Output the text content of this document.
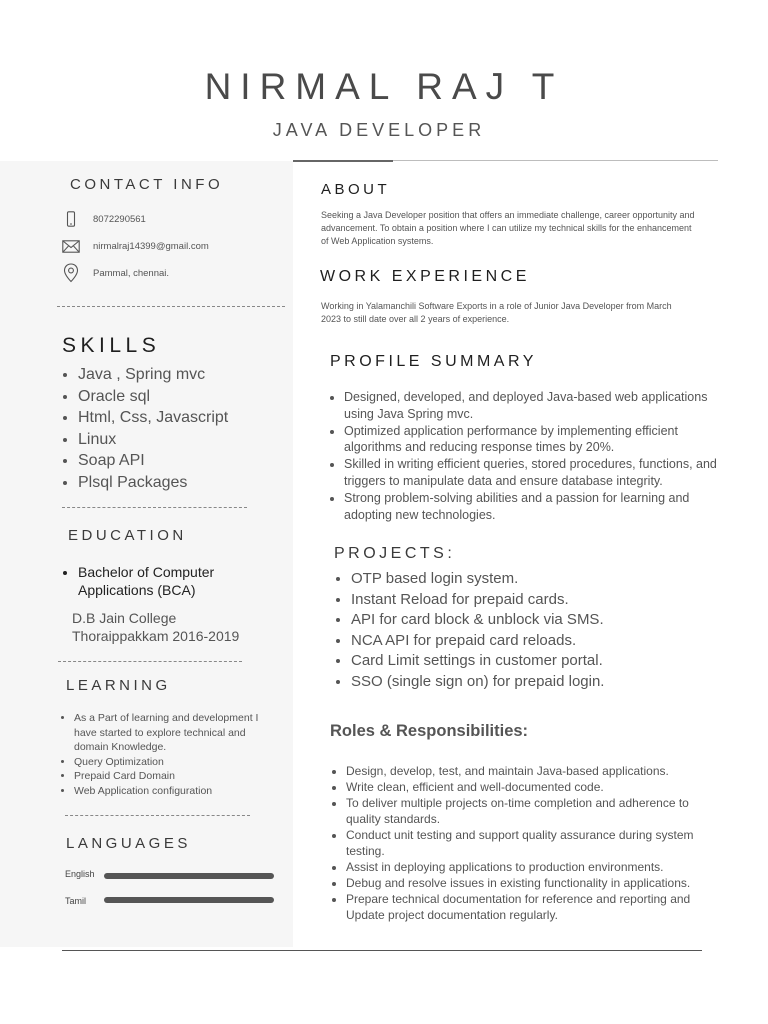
NIRMAL RAJ T
JAVA DEVELOPER
CONTACT INFO
8072290561
nirmalraj14399@gmail.com
Pammal, chennai.
SKILLS
• Java , Spring mvc
• Oracle sql
• Html, Css, Javascript
• Linux
• Soap API
• Plsql Packages
EDUCATION
• Bachelor of Computer
Applications (BCA)
D.B Jain College
Thoraippakkam 2016-2019
LEARNING
• As a Part of learning and development I have started to explore technical and domain Knowledge.
• Query Optimization
• Prepaid Card Domain
• Web Application configuration
LANGUAGES
English
Tamil
ABOUT
Seeking a Java Developer position that offers an immediate challenge, career opportunity and advancement. To obtain a position where I can utilize my technical skills for the enhancement of Web Application systems.
WORK EXPERIENCE
Working in Yalamanchili Software Exports in a role of Junior Java Developer from March 2023 to still date over all 2 years of experience.
PROFILE SUMMARY
• Designed, developed, and deployed Java-based web applications using Java Spring mvc.
• Optimized application performance by implementing efficient algorithms and reducing response times by 20%.
• Skilled in writing efficient queries, stored procedures, functions, and triggers to manipulate data and ensure database integrity.
• Strong problem-solving abilities and a passion for learning and adopting new technologies.
PROJECTS:
• OTP based login system.
• Instant Reload for prepaid cards.
• API for card block & unblock via SMS.
• NCA API for prepaid card reloads.
• Card Limit settings in customer portal.
• SSO (single sign on) for prepaid login.
Roles & Responsibilities:
• Design, develop, test, and maintain Java-based applications.
• Write clean, efficient and well-documented code.
• To deliver multiple projects on-time completion and adherence to quality standards.
• Conduct unit testing and support quality assurance during system testing.
• Assist in deploying applications to production environments.
• Debug and resolve issues in existing functionality in applications.
• Prepare technical documentation for reference and reporting and Update project documentation regularly.
